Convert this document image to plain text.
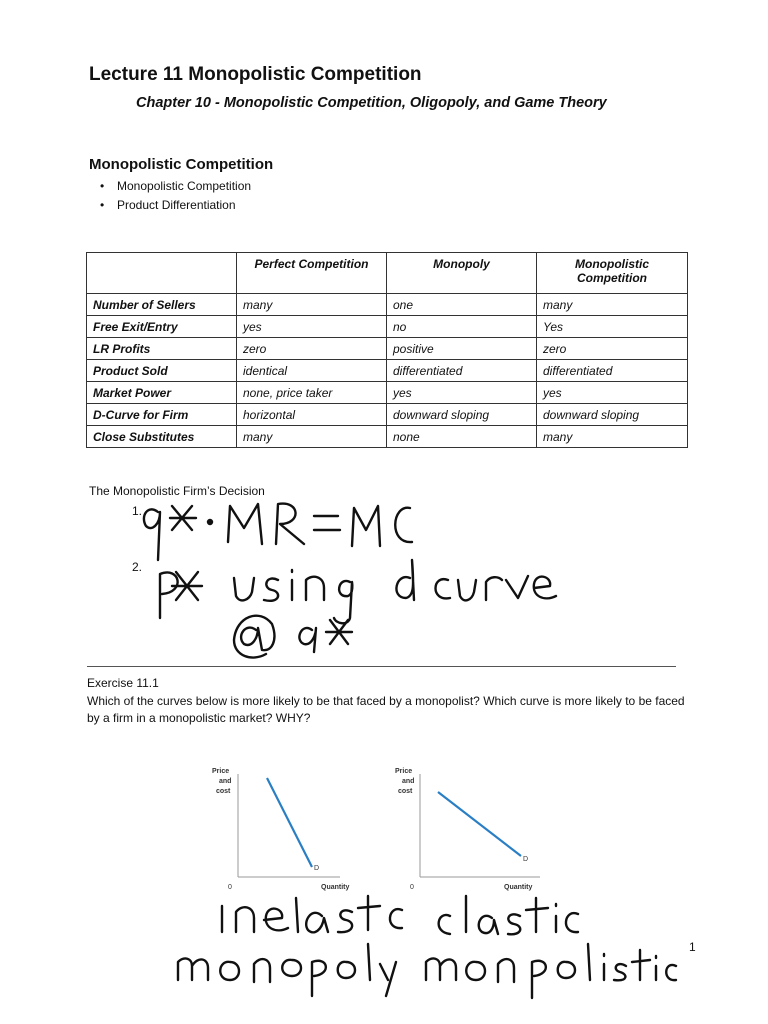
Lecture 11 Monopolistic Competition
Chapter 10 - Monopolistic Competition, Oligopoly, and Game Theory
Monopolistic Competition
• Monopolistic Competition
• Product Differentiation
	Perfect Competition	Monopoly	Monopolistic Competition
Number of Sellers	many	one	many
Free Exit/Entry	yes	no	Yes
LR Profits	zero	positive	zero
Product Sold	identical	differentiated	differentiated
Market Power	none, price taker	yes	yes
D-Curve for Firm	horizontal	downward sloping	downward sloping
Close Substitutes	many	none	many
The Monopolistic Firm’s Decision
1.
2.
Exercise 11.1
Which of the curves below is more likely to be that faced by a monopolist? Which curve is more likely to be faced by a firm in a monopolistic market? WHY?
Price
and
cost
D
0	Quantity
Price
and
cost
D
0	Quantity
1
